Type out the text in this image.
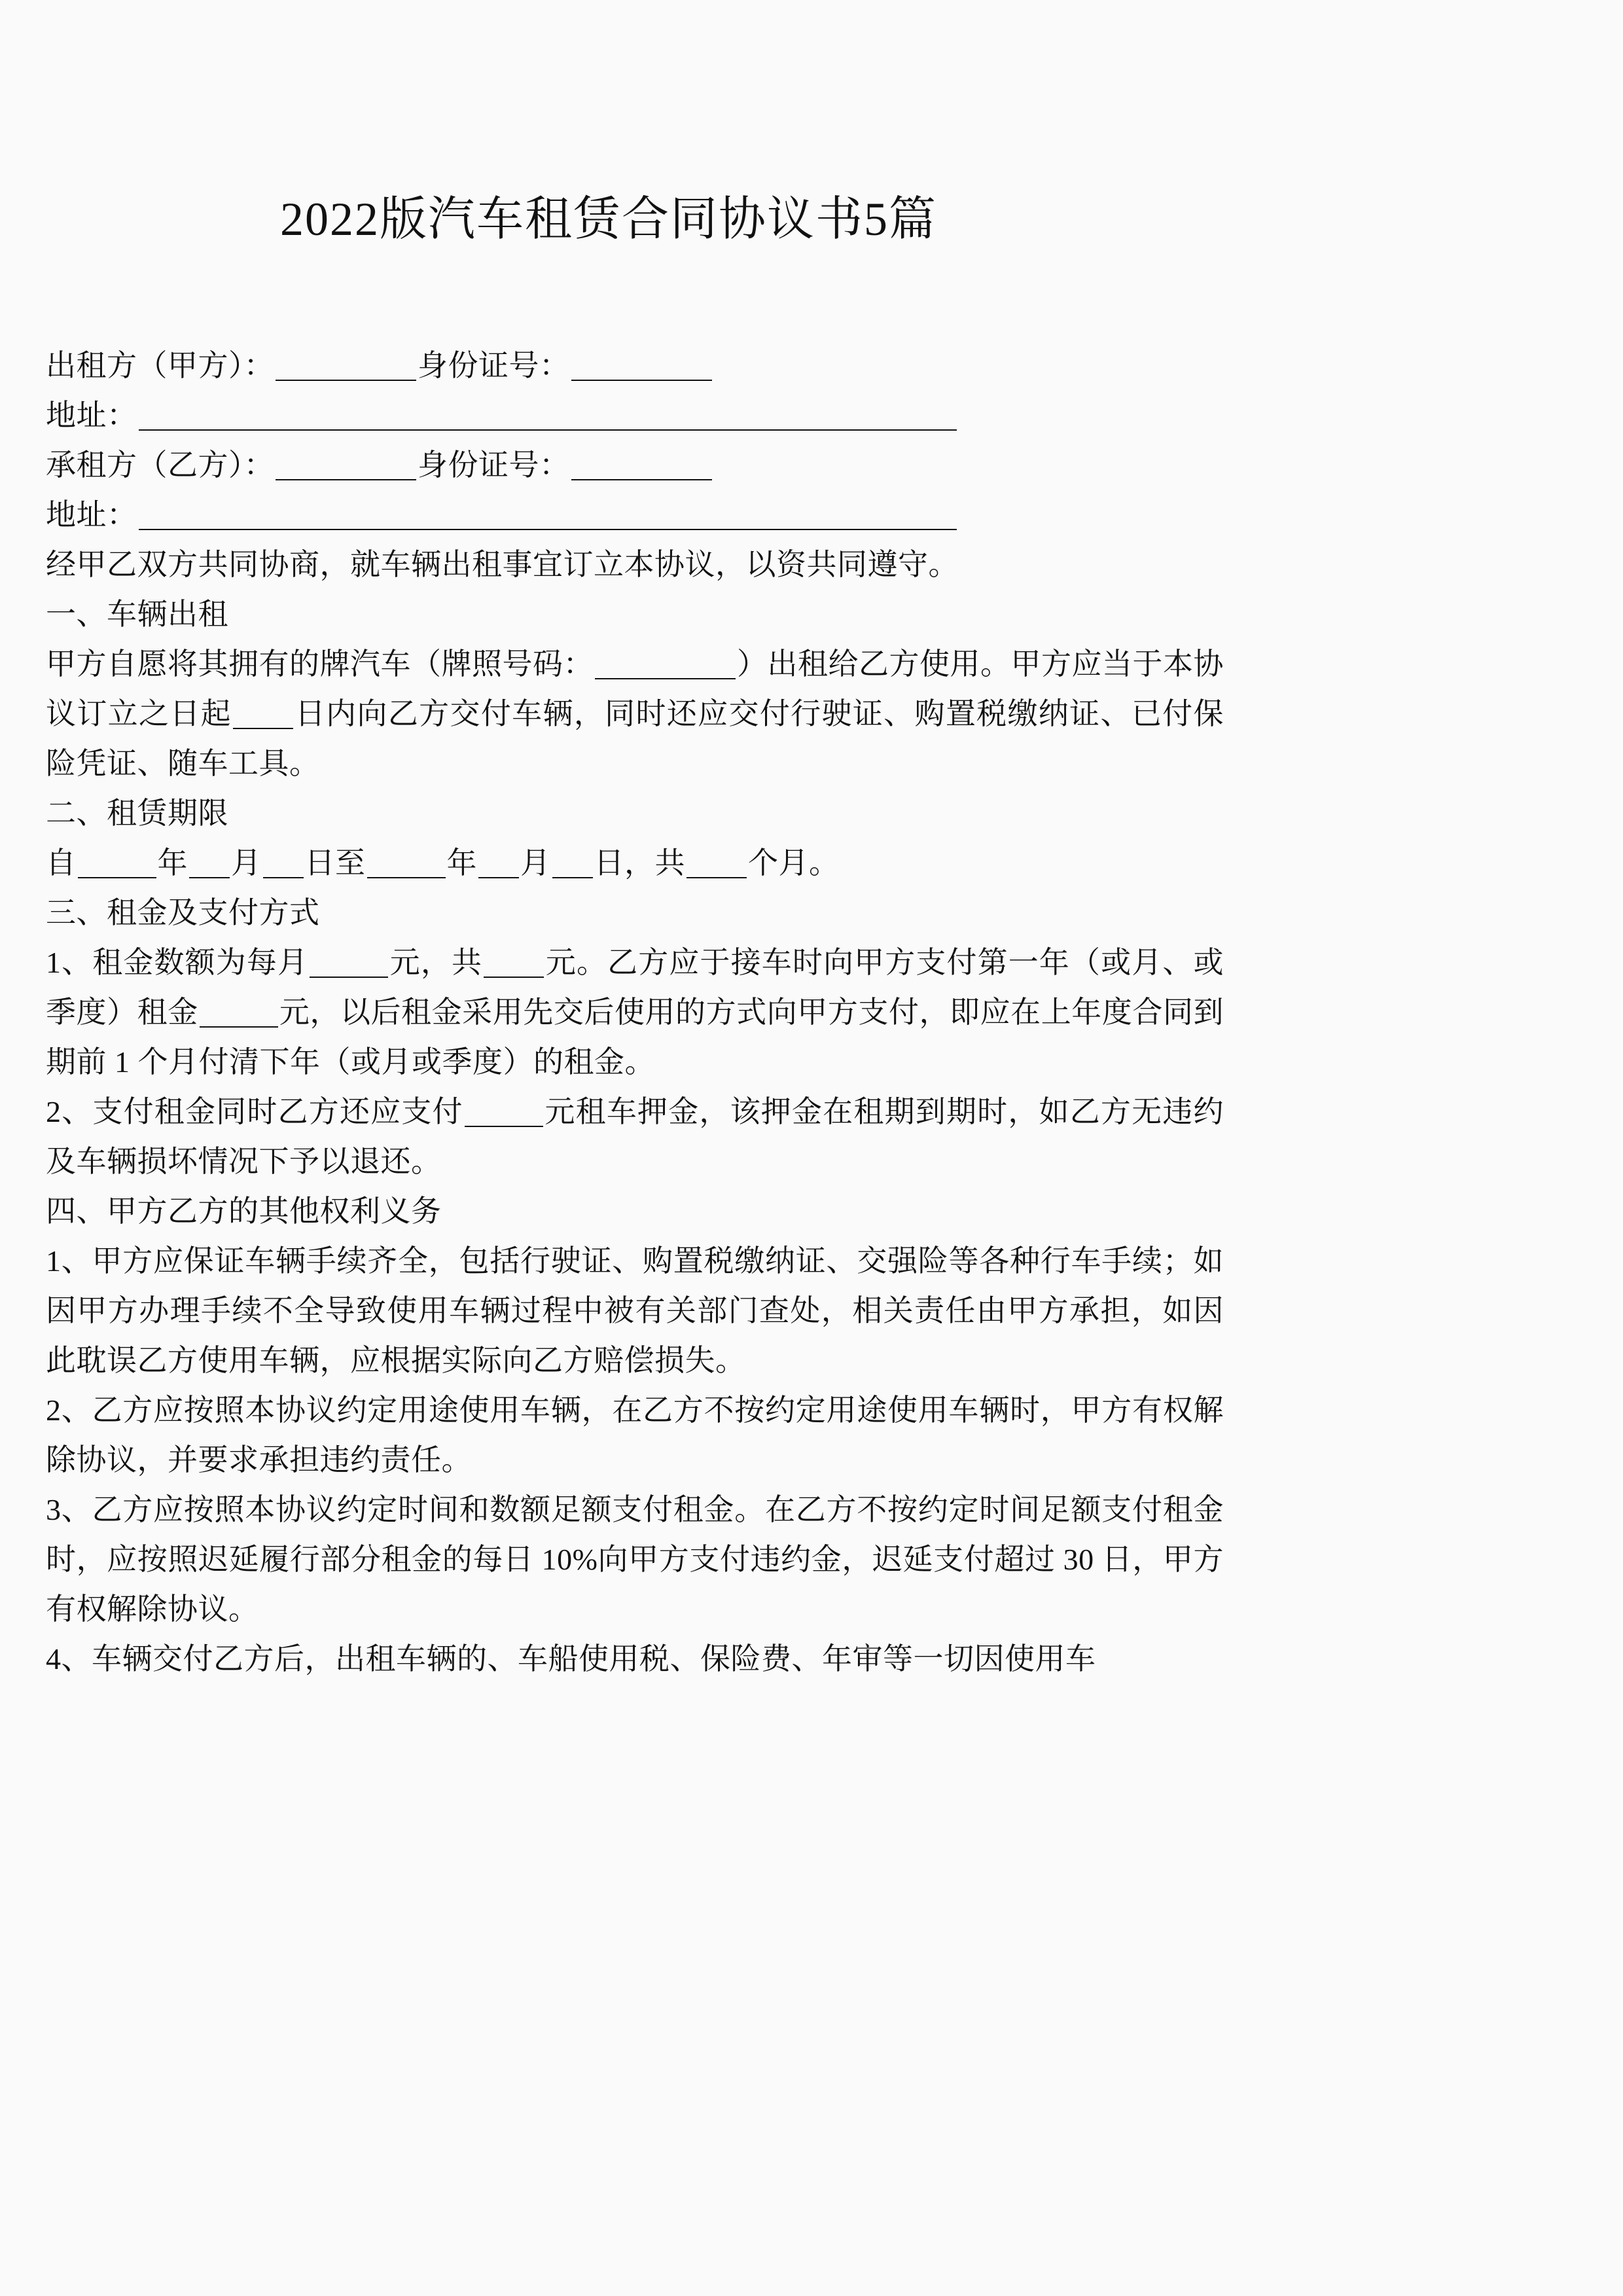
2022版汽车租赁合同协议书5篇

出租方（甲方）：	身份证号：

地址：

承租方（乙方）：	身份证号：

地址：

经甲乙双方共同协商，就车辆出租事宜订立本协议，以资共同遵守。

一、车辆出租

甲方自愿将其拥有的牌汽车（牌照号码：	）出租给乙方使用。甲方应当于本协议订立之日起 日内向乙方交付车辆，同时还应交付行驶证、购置税缴纳证、已付保险凭证、随车工具。

二、租赁期限

自	年 月 日至	年 月 日，共 个月。

三、租金及支付方式

1、租金数额为每月	元，共 元。乙方应于接车时向甲方支付第一年（或月、或季度）租金	元，以后租金采用先交后使用的方式向甲方支付，即应在上年度合同到期前 1 个月付清下年（或月或季度）的租金。

2、支付租金同时乙方还应支付	元租车押金，该押金在租期到期时，如乙方无违约及车辆损坏情况下予以退还。

四、甲方乙方的其他权利义务

1、甲方应保证车辆手续齐全，包括行驶证、购置税缴纳证、交强险等各种行车手续；如因甲方办理手续不全导致使用车辆过程中被有关部门查处，相关责任由甲方承担，如因此耽误乙方使用车辆，应根据实际向乙方赔偿损失。

2、乙方应按照本协议约定用途使用车辆，在乙方不按约定用途使用车辆时，甲方有权解除协议，并要求承担违约责任。

3、乙方应按照本协议约定时间和数额足额支付租金。在乙方不按约定时间足额支付租金时，应按照迟延履行部分租金的每日 10%向甲方支付违约金，迟延支付超过 30 日，甲方有权解除协议。

4、车辆交付乙方后，出租车辆的、车船使用税、保险费、年审等一切因使用车
